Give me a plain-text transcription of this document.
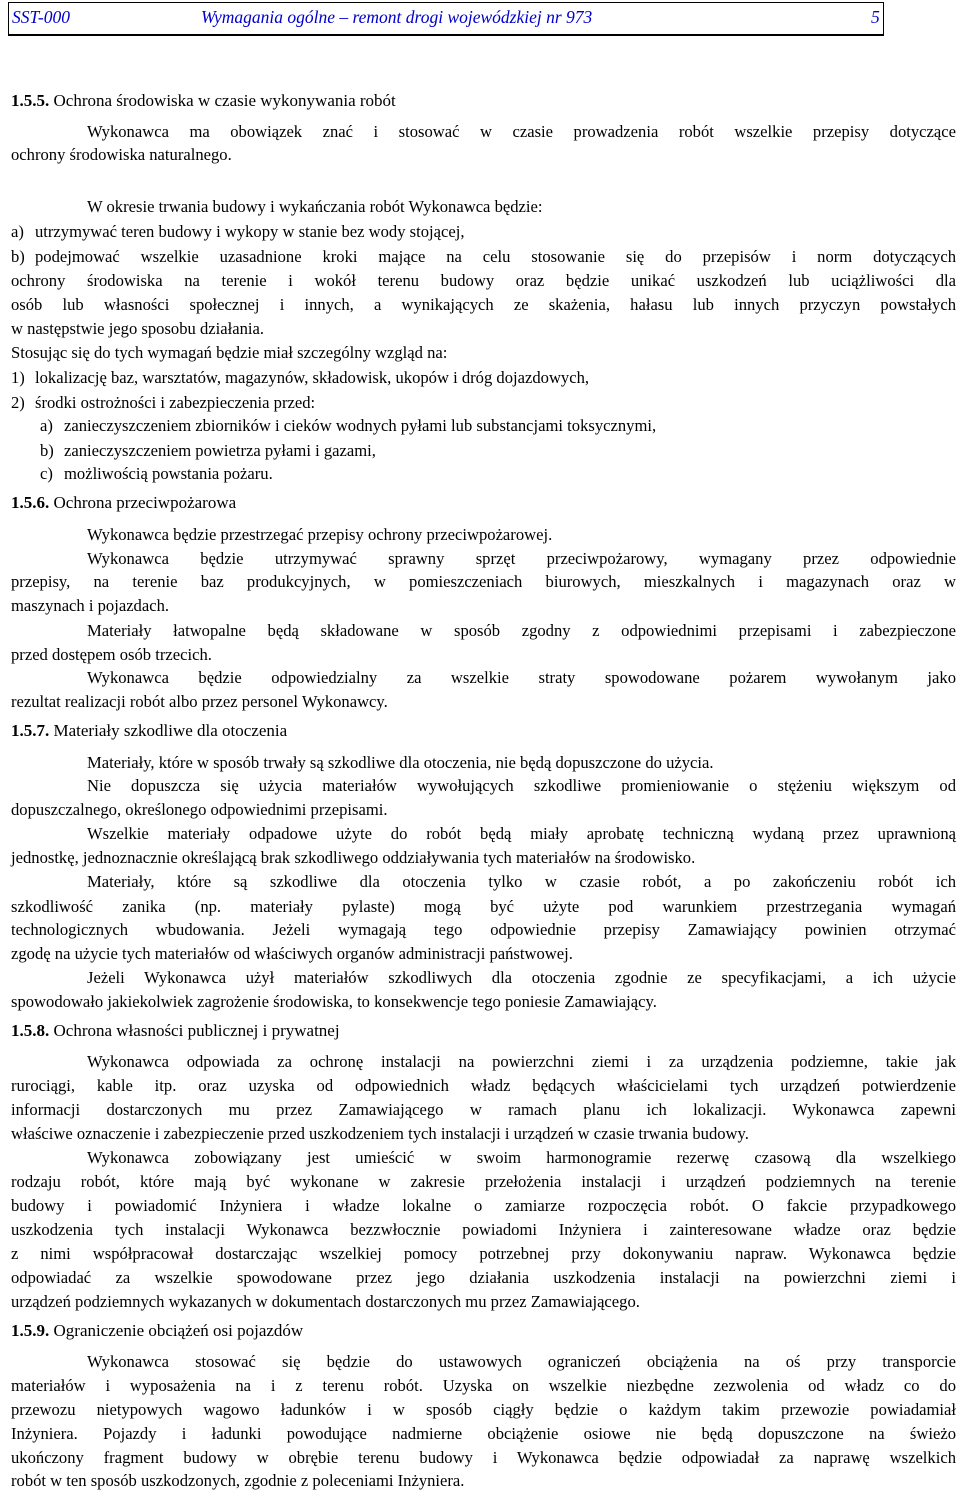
SST-000	Wymagania ogólne – remont drogi wojewódzkiej nr 973	5
1.5.5. Ochrona środowiska w czasie wykonywania robót
Wykonawca ma obowiązek znać i stosować w czasie prowadzenia robót wszelkie przepisy dotyczące
ochrony środowiska naturalnego.
W okresie trwania budowy i wykańczania robót Wykonawca będzie:
a) utrzymywać teren budowy i wykopy w stanie bez wody stojącej,
b) podejmować wszelkie uzasadnione kroki mające na celu stosowanie się do przepisów i norm dotyczących
ochrony środowiska na terenie i wokół terenu budowy oraz będzie unikać uszkodzeń lub uciążliwości dla
osób lub własności społecznej i innych, a wynikających ze skażenia, hałasu lub innych przyczyn powstałych
w następstwie jego sposobu działania.
Stosując się do tych wymagań będzie miał szczególny wzgląd na:
1) lokalizację baz, warsztatów, magazynów, składowisk, ukopów i dróg dojazdowych,
2) środki ostrożności i zabezpieczenia przed:
a) zanieczyszczeniem zbiorników i cieków wodnych pyłami lub substancjami toksycznymi,
b) zanieczyszczeniem powietrza pyłami i gazami,
c) możliwością powstania pożaru.
1.5.6. Ochrona przeciwpożarowa
Wykonawca będzie przestrzegać przepisy ochrony przeciwpożarowej.
Wykonawca będzie utrzymywać sprawny sprzęt przeciwpożarowy, wymagany przez odpowiednie
przepisy, na terenie baz produkcyjnych, w pomieszczeniach biurowych, mieszkalnych i magazynach oraz w
maszynach i pojazdach.
Materiały łatwopalne będą składowane w sposób zgodny z odpowiednimi przepisami i zabezpieczone
przed dostępem osób trzecich.
Wykonawca będzie odpowiedzialny za wszelkie straty spowodowane pożarem wywołanym jako
rezultat realizacji robót albo przez personel Wykonawcy.
1.5.7. Materiały szkodliwe dla otoczenia
Materiały, które w sposób trwały są szkodliwe dla otoczenia, nie będą dopuszczone do użycia.
Nie dopuszcza się użycia materiałów wywołujących szkodliwe promieniowanie o stężeniu większym od
dopuszczalnego, określonego odpowiednimi przepisami.
Wszelkie materiały odpadowe użyte do robót będą miały aprobatę techniczną wydaną przez uprawnioną
jednostkę, jednoznacznie określającą brak szkodliwego oddziaływania tych materiałów na środowisko.
Materiały, które są szkodliwe dla otoczenia tylko w czasie robót, a po zakończeniu robót ich
szkodliwość zanika (np. materiały pylaste) mogą być użyte pod warunkiem przestrzegania wymagań
technologicznych wbudowania. Jeżeli wymagają tego odpowiednie przepisy Zamawiający powinien otrzymać
zgodę na użycie tych materiałów od właściwych organów administracji państwowej.
Jeżeli Wykonawca użył materiałów szkodliwych dla otoczenia zgodnie ze specyfikacjami, a ich użycie
spowodowało jakiekolwiek zagrożenie środowiska, to konsekwencje tego poniesie Zamawiający.
1.5.8. Ochrona własności publicznej i prywatnej
Wykonawca odpowiada za ochronę instalacji na powierzchni ziemi i za urządzenia podziemne, takie jak
rurociągi, kable itp. oraz uzyska od odpowiednich władz będących właścicielami tych urządzeń potwierdzenie
informacji dostarczonych mu przez Zamawiającego w ramach planu ich lokalizacji. Wykonawca zapewni
właściwe oznaczenie i zabezpieczenie przed uszkodzeniem tych instalacji i urządzeń w czasie trwania budowy.
Wykonawca zobowiązany jest umieścić w swoim harmonogramie rezerwę czasową dla wszelkiego
rodzaju robót, które mają być wykonane w zakresie przełożenia instalacji i urządzeń podziemnych na terenie
budowy i powiadomić Inżyniera i władze lokalne o zamiarze rozpoczęcia robót. O fakcie przypadkowego
uszkodzenia tych instalacji Wykonawca bezzwłocznie powiadomi Inżyniera i zainteresowane władze oraz będzie
z nimi współpracował dostarczając wszelkiej pomocy potrzebnej przy dokonywaniu napraw. Wykonawca będzie
odpowiadać za wszelkie spowodowane przez jego działania uszkodzenia instalacji na powierzchni ziemi i
urządzeń podziemnych wykazanych w dokumentach dostarczonych mu przez Zamawiającego.
1.5.9. Ograniczenie obciążeń osi pojazdów
Wykonawca stosować się będzie do ustawowych ograniczeń obciążenia na oś przy transporcie
materiałów i wyposażenia na i z terenu robót. Uzyska on wszelkie niezbędne zezwolenia od władz co do
przewozu nietypowych wagowo ładunków i w sposób ciągły będzie o każdym takim przewozie powiadamiał
Inżyniera. Pojazdy i ładunki powodujące nadmierne obciążenie osiowe nie będą dopuszczone na świeżo
ukończony fragment budowy w obrębie terenu budowy i Wykonawca będzie odpowiadał za naprawę wszelkich
robót w ten sposób uszkodzonych, zgodnie z poleceniami Inżyniera.
